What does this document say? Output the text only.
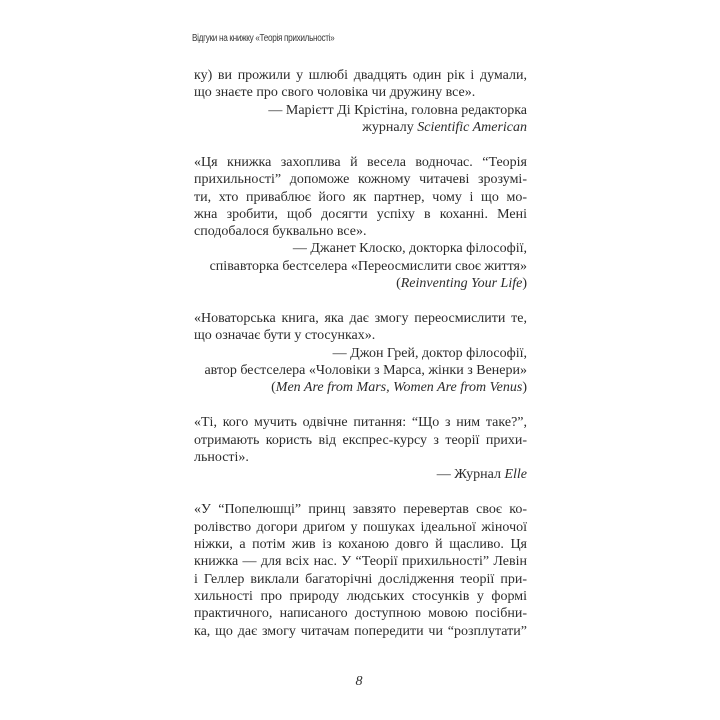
Відгуки на книжку «Теорія прихильності»
ку) ви прожили у шлюбі двадцять один рік і думали,
що знаєте про свого чоловіка чи дружину все».
— Марієтт Ді Крістіна, головна редакторка
журналу Scientific American
«Ця книжка захоплива й весела водночас. “Теорія
прихильності” допоможе кожному читачеві зрозумі-
ти, хто приваблює його як партнер, чому і що мо-
жна зробити, щоб досягти успіху в коханні. Мені
сподобалося буквально все».
— Джанет Клоско, докторка філософії,
співавторка бестселера «Переосмислити своє життя»
(Reinventing Your Life)
«Новаторська книга, яка дає змогу переосмислити те,
що означає бути у стосунках».
— Джон Грей, доктор філософії,
автор бестселера «Чоловіки з Марса, жінки з Венери»
(Men Are from Mars, Women Are from Venus)
«Ті, кого мучить одвічне питання: “Що з ним таке?”,
отримають користь від експрес-курсу з теорії прихи-
льності».
— Журнал Elle
«У “Попелюшці” принц завзято перевертав своє ко-
ролівство догори дриґом у пошуках ідеальної жіночої
ніжки, а потім жив із коханою довго й щасливо. Ця
книжка — для всіх нас. У “Теорії прихильності” Левін
і Геллер виклали багаторічні дослідження теорії при-
хильності про природу людських стосунків у формі
практичного, написаного доступною мовою посібни-
ка, що дає змогу читачам попередити чи “розплутати”
8
